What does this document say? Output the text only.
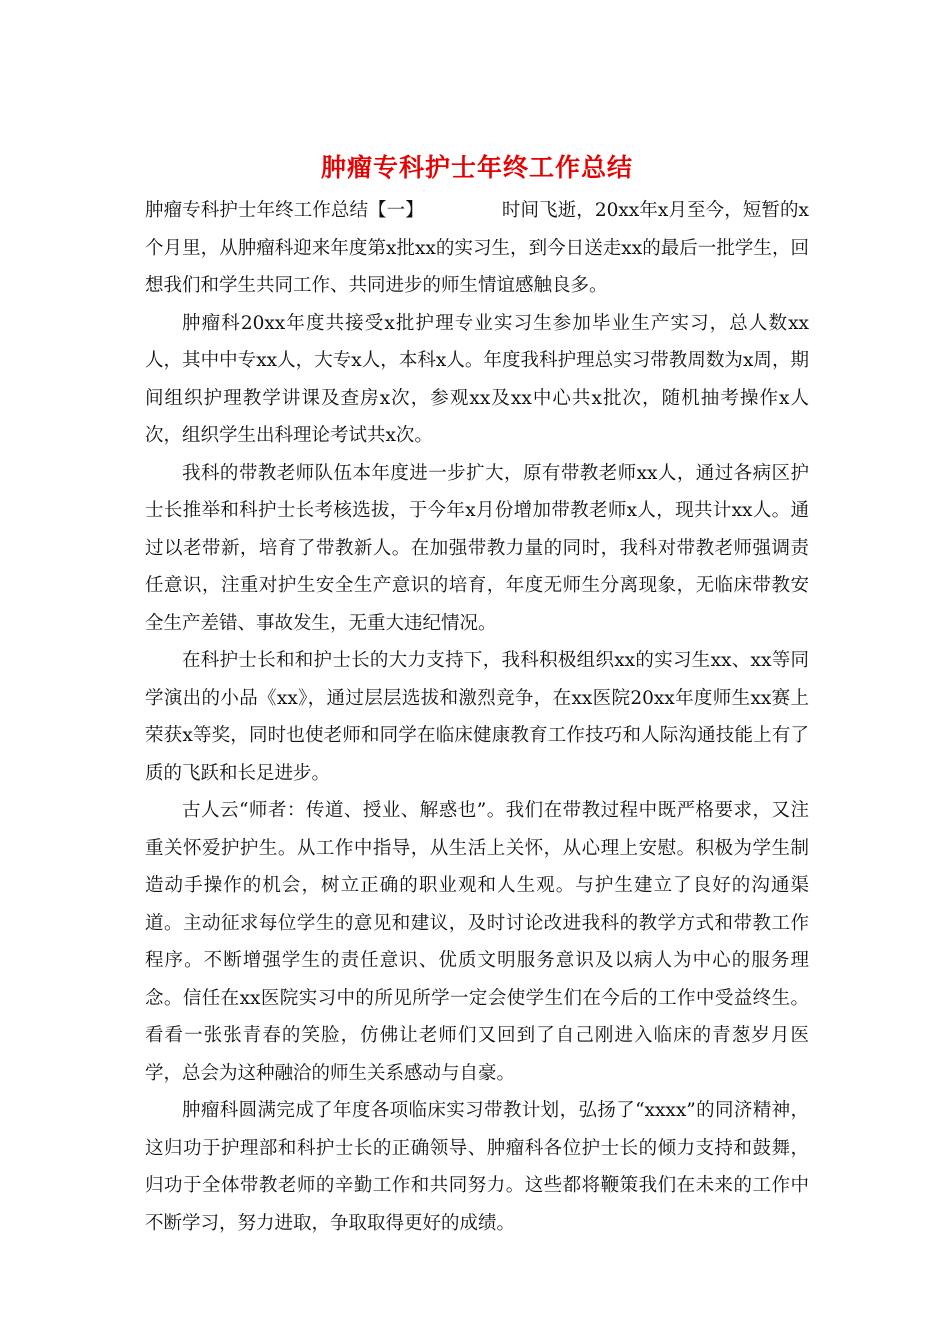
肿瘤专科护士年终工作总结

肿瘤专科护士年终工作总结【一】	时间飞逝，20xx年x月至今，短暂的x个月里，从肿瘤科迎来年度第x批xx的实习生，到今日送走xx的最后一批学生，回想我们和学生共同工作、共同进步的师生情谊感触良多。

肿瘤科20xx年度共接受x批护理专业实习生参加毕业生产实习，总人数xx人，其中中专xx人，大专x人，本科x人。年度我科护理总实习带教周数为x周，期间组织护理教学讲课及查房x次，参观xx及xx中心共x批次，随机抽考操作x人次，组织学生出科理论考试共x次。

我科的带教老师队伍本年度进一步扩大，原有带教老师xx人，通过各病区护士长推举和科护士长考核选拔，于今年x月份增加带教老师x人，现共计xx人。通过以老带新，培育了带教新人。在加强带教力量的同时，我科对带教老师强调责任意识，注重对护生安全生产意识的培育，年度无师生分离现象，无临床带教安全生产差错、事故发生，无重大违纪情况。

在科护士长和和护士长的大力支持下，我科积极组织xx的实习生xx、xx等同学演出的小品《xx》，通过层层选拔和激烈竞争，在xx医院20xx年度师生xx赛上荣获x等奖，同时也使老师和同学在临床健康教育工作技巧和人际沟通技能上有了质的飞跃和长足进步。

古人云“师者：传道、授业、解惑也”。我们在带教过程中既严格要求，又注重关怀爱护护生。从工作中指导，从生活上关怀，从心理上安慰。积极为学生制造动手操作的机会，树立正确的职业观和人生观。与护生建立了良好的沟通渠道。主动征求每位学生的意见和建议，及时讨论改进我科的教学方式和带教工作程序。不断增强学生的责任意识、优质文明服务意识及以病人为中心的服务理念。信任在xx医院实习中的所见所学一定会使学生们在今后的工作中受益终生。看看一张张青春的笑脸，仿佛让老师们又回到了自己刚进入临床的青葱岁月医学，总会为这种融洽的师生关系感动与自豪。

肿瘤科圆满完成了年度各项临床实习带教计划，弘扬了“xxxx”的同济精神，这归功于护理部和科护士长的正确领导、肿瘤科各位护士长的倾力支持和鼓舞，归功于全体带教老师的辛勤工作和共同努力。这些都将鞭策我们在未来的工作中不断学习，努力进取，争取取得更好的成绩。
